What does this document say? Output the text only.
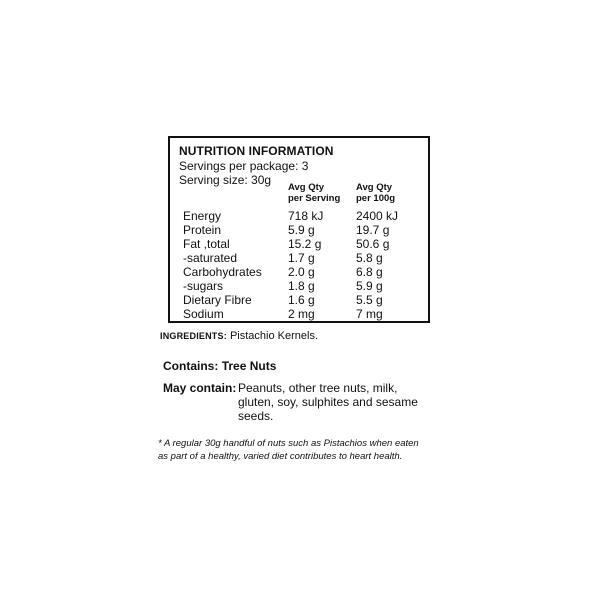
NUTRITION INFORMATION
Servings per package: 3
Serving size: 30g
Avg Qty
per Serving
Avg Qty
per 100g
Energy	718 kJ	2400 kJ
Protein	5.9 g	19.7 g
Fat ,total	15.2 g	50.6 g
-saturated	1.7 g	5.8 g
Carbohydrates 2.0 g	6.8 g
-sugars	1.8 g	5.9 g
Dietary Fibre	1.6 g	5.5 g
Sodium	2 mg	7 mg
INGREDIENTS: Pistachio Kernels.
Contains: Tree Nuts
May contain: Peanuts, other tree nuts, milk,
gluten, soy, sulphites and sesame
seeds.
* A regular 30g handful of nuts such as Pistachios when eaten
as part of a healthy, varied diet contributes to heart health.
